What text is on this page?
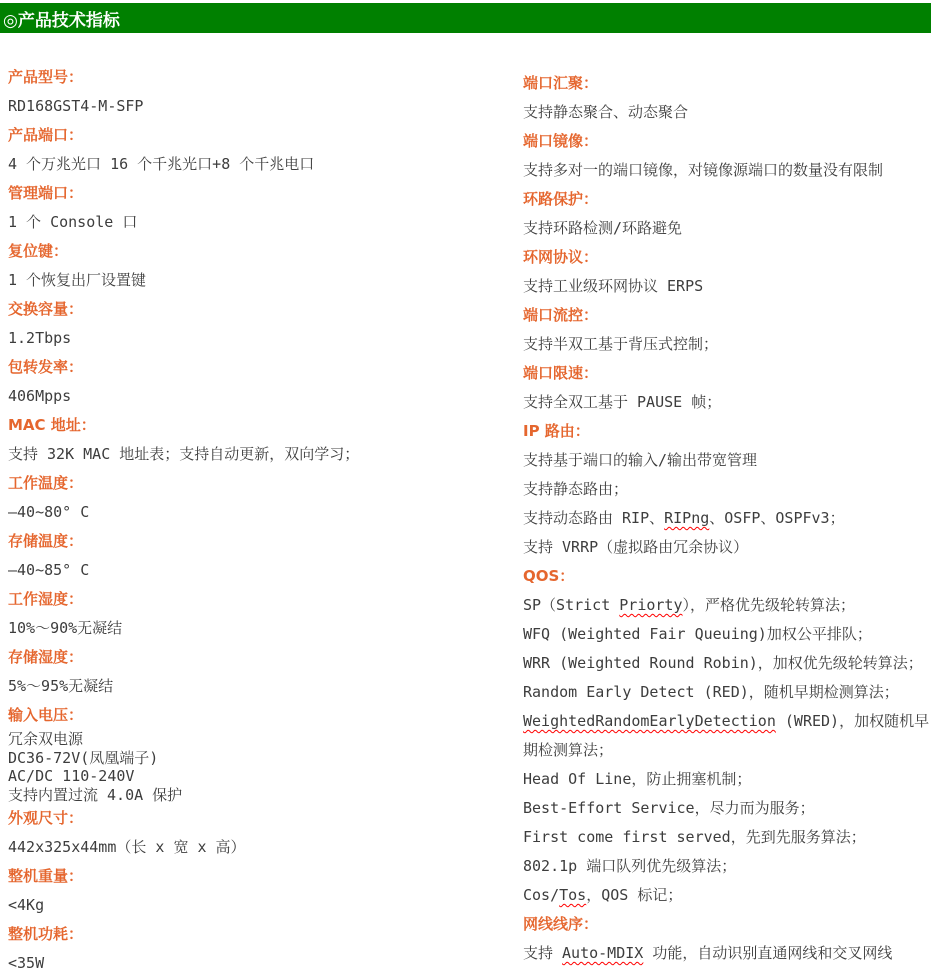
◎产品技术指标

产品型号：

RD168GST4-M-SFP

产品端口：

4 个万兆光口 16 个千兆光口+8 个千兆电口

管理端口：

1 个 Console 口

复位键：

1 个恢复出厂设置键

交换容量：

1.2Tbps

包转发率：

406Mpps

MAC 地址：

支持 32K MAC 地址表；支持自动更新，双向学习；

工作温度：

—40~80° C

存储温度：

—40~85° C

工作湿度：

10%～90%无凝结

存储湿度：

5%～95%无凝结

输入电压：

冗余双电源
DC36-72V(凤凰端子)
AC/DC 110-240V
支持内置过流 4.0A 保护

外观尺寸：

442x325x44mm（长 x 宽 x 高）

整机重量：

<4Kg

整机功耗：

<35W

端口汇聚：

支持静态聚合、动态聚合

端口镜像：

支持多对一的端口镜像，对镜像源端口的数量没有限制

环路保护：

支持环路检测/环路避免

环网协议：

支持工业级环网协议 ERPS

端口流控：

支持半双工基于背压式控制；

端口限速：

支持全双工基于 PAUSE 帧；

IP 路由：

支持基于端口的输入/输出带宽管理

支持静态路由；

支持动态路由 RIP、RIPng、OSFP、OSPFv3；

支持 VRRP（虚拟路由冗余协议）

QOS：

SP（Strict Priorty），严格优先级轮转算法；

WFQ (Weighted Fair Queuing)加权公平排队；

WRR (Weighted Round Robin)，加权优先级轮转算法；

Random Early Detect (RED)，随机早期检测算法；

WeightedRandomEarlyDetection (WRED)，加权随机早期检测算法；

Head Of Line，防止拥塞机制；

Best-Effort Service，尽力而为服务；

First come first served，先到先服务算法；

802.1p 端口队列优先级算法；

Cos/Tos，QOS 标记；

网线线序：

支持 Auto-MDIX 功能，自动识别直通网线和交叉网线
